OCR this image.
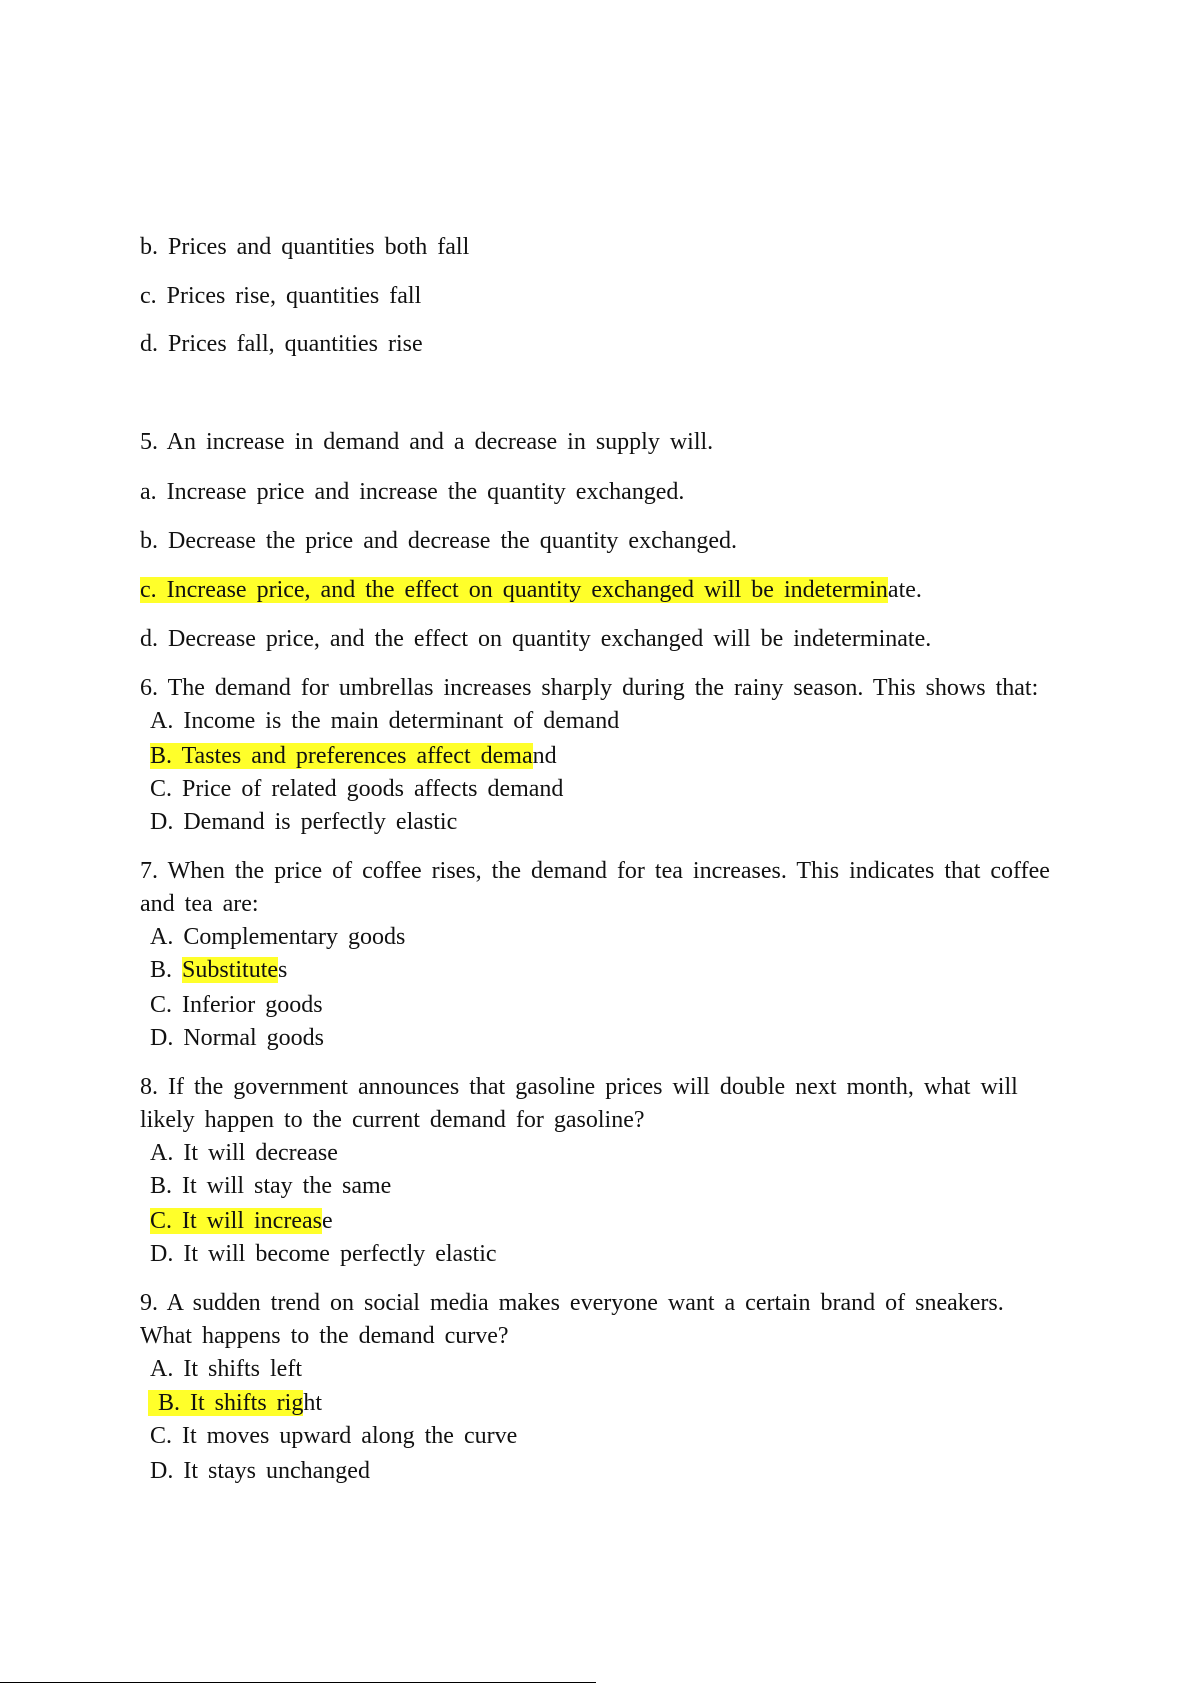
b. Prices and quantities both fall
c. Prices rise, quantities fall
d. Prices fall, quantities rise
5. An increase in demand and a decrease in supply will.
a. Increase price and increase the quantity exchanged.
b. Decrease the price and decrease the quantity exchanged.
c. Increase price, and the effect on quantity exchanged will be indeterminate.
d. Decrease price, and the effect on quantity exchanged will be indeterminate.
6. The demand for umbrellas increases sharply during the rainy season. This shows that:
A. Income is the main determinant of demand
B. Tastes and preferences affect demand
C. Price of related goods affects demand
D. Demand is perfectly elastic
7. When the price of coffee rises, the demand for tea increases. This indicates that coffee
and tea are:
A. Complementary goods
B. Substitutes
C. Inferior goods
D. Normal goods
8. If the government announces that gasoline prices will double next month, what will
likely happen to the current demand for gasoline?
A. It will decrease
B. It will stay the same
C. It will increase
D. It will become perfectly elastic
9. A sudden trend on social media makes everyone want a certain brand of sneakers.
What happens to the demand curve?
A. It shifts left
B. It shifts right
C. It moves upward along the curve
D. It stays unchanged
